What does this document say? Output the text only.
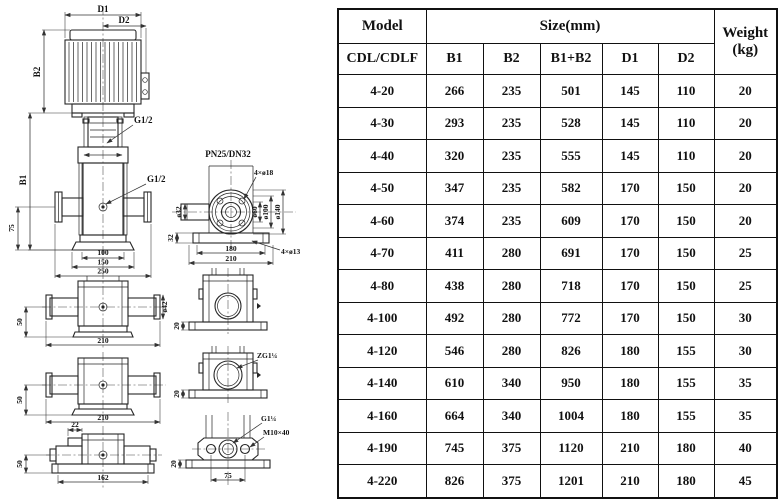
D1
D2
B2
B1
75
G1/2
G1/2
100
150
250
PN25/DN32
4×ø18
ø32	ø60 ø100 ø140
32
180
210
4×ø13
ø42
50
210
50
210
22
50
162
20
ZG1¼
20
G1¼
M10×40
20
75
Model	Size(mm)					Weight
(kg)

CDL/CDLF	B1	B2	B1+B2	D1	D2	
4-20	266	235	501	145	110	20
4-30	293	235	528	145	110	20
4-40	320	235	555	145	110	20
4-50	347	235	582	170	150	20
4-60	374	235	609	170	150	20
4-70	411	280	691	170	150	25
4-80	438	280	718	170	150	25
4-100	492	280	772	170	150	30
4-120	546	280	826	180	155	30
4-140	610	340	950	180	155	35
4-160	664	340	1004	180	155	35
4-190	745	375	1120	210	180	40
4-220	826	375	1201	210	180	45
